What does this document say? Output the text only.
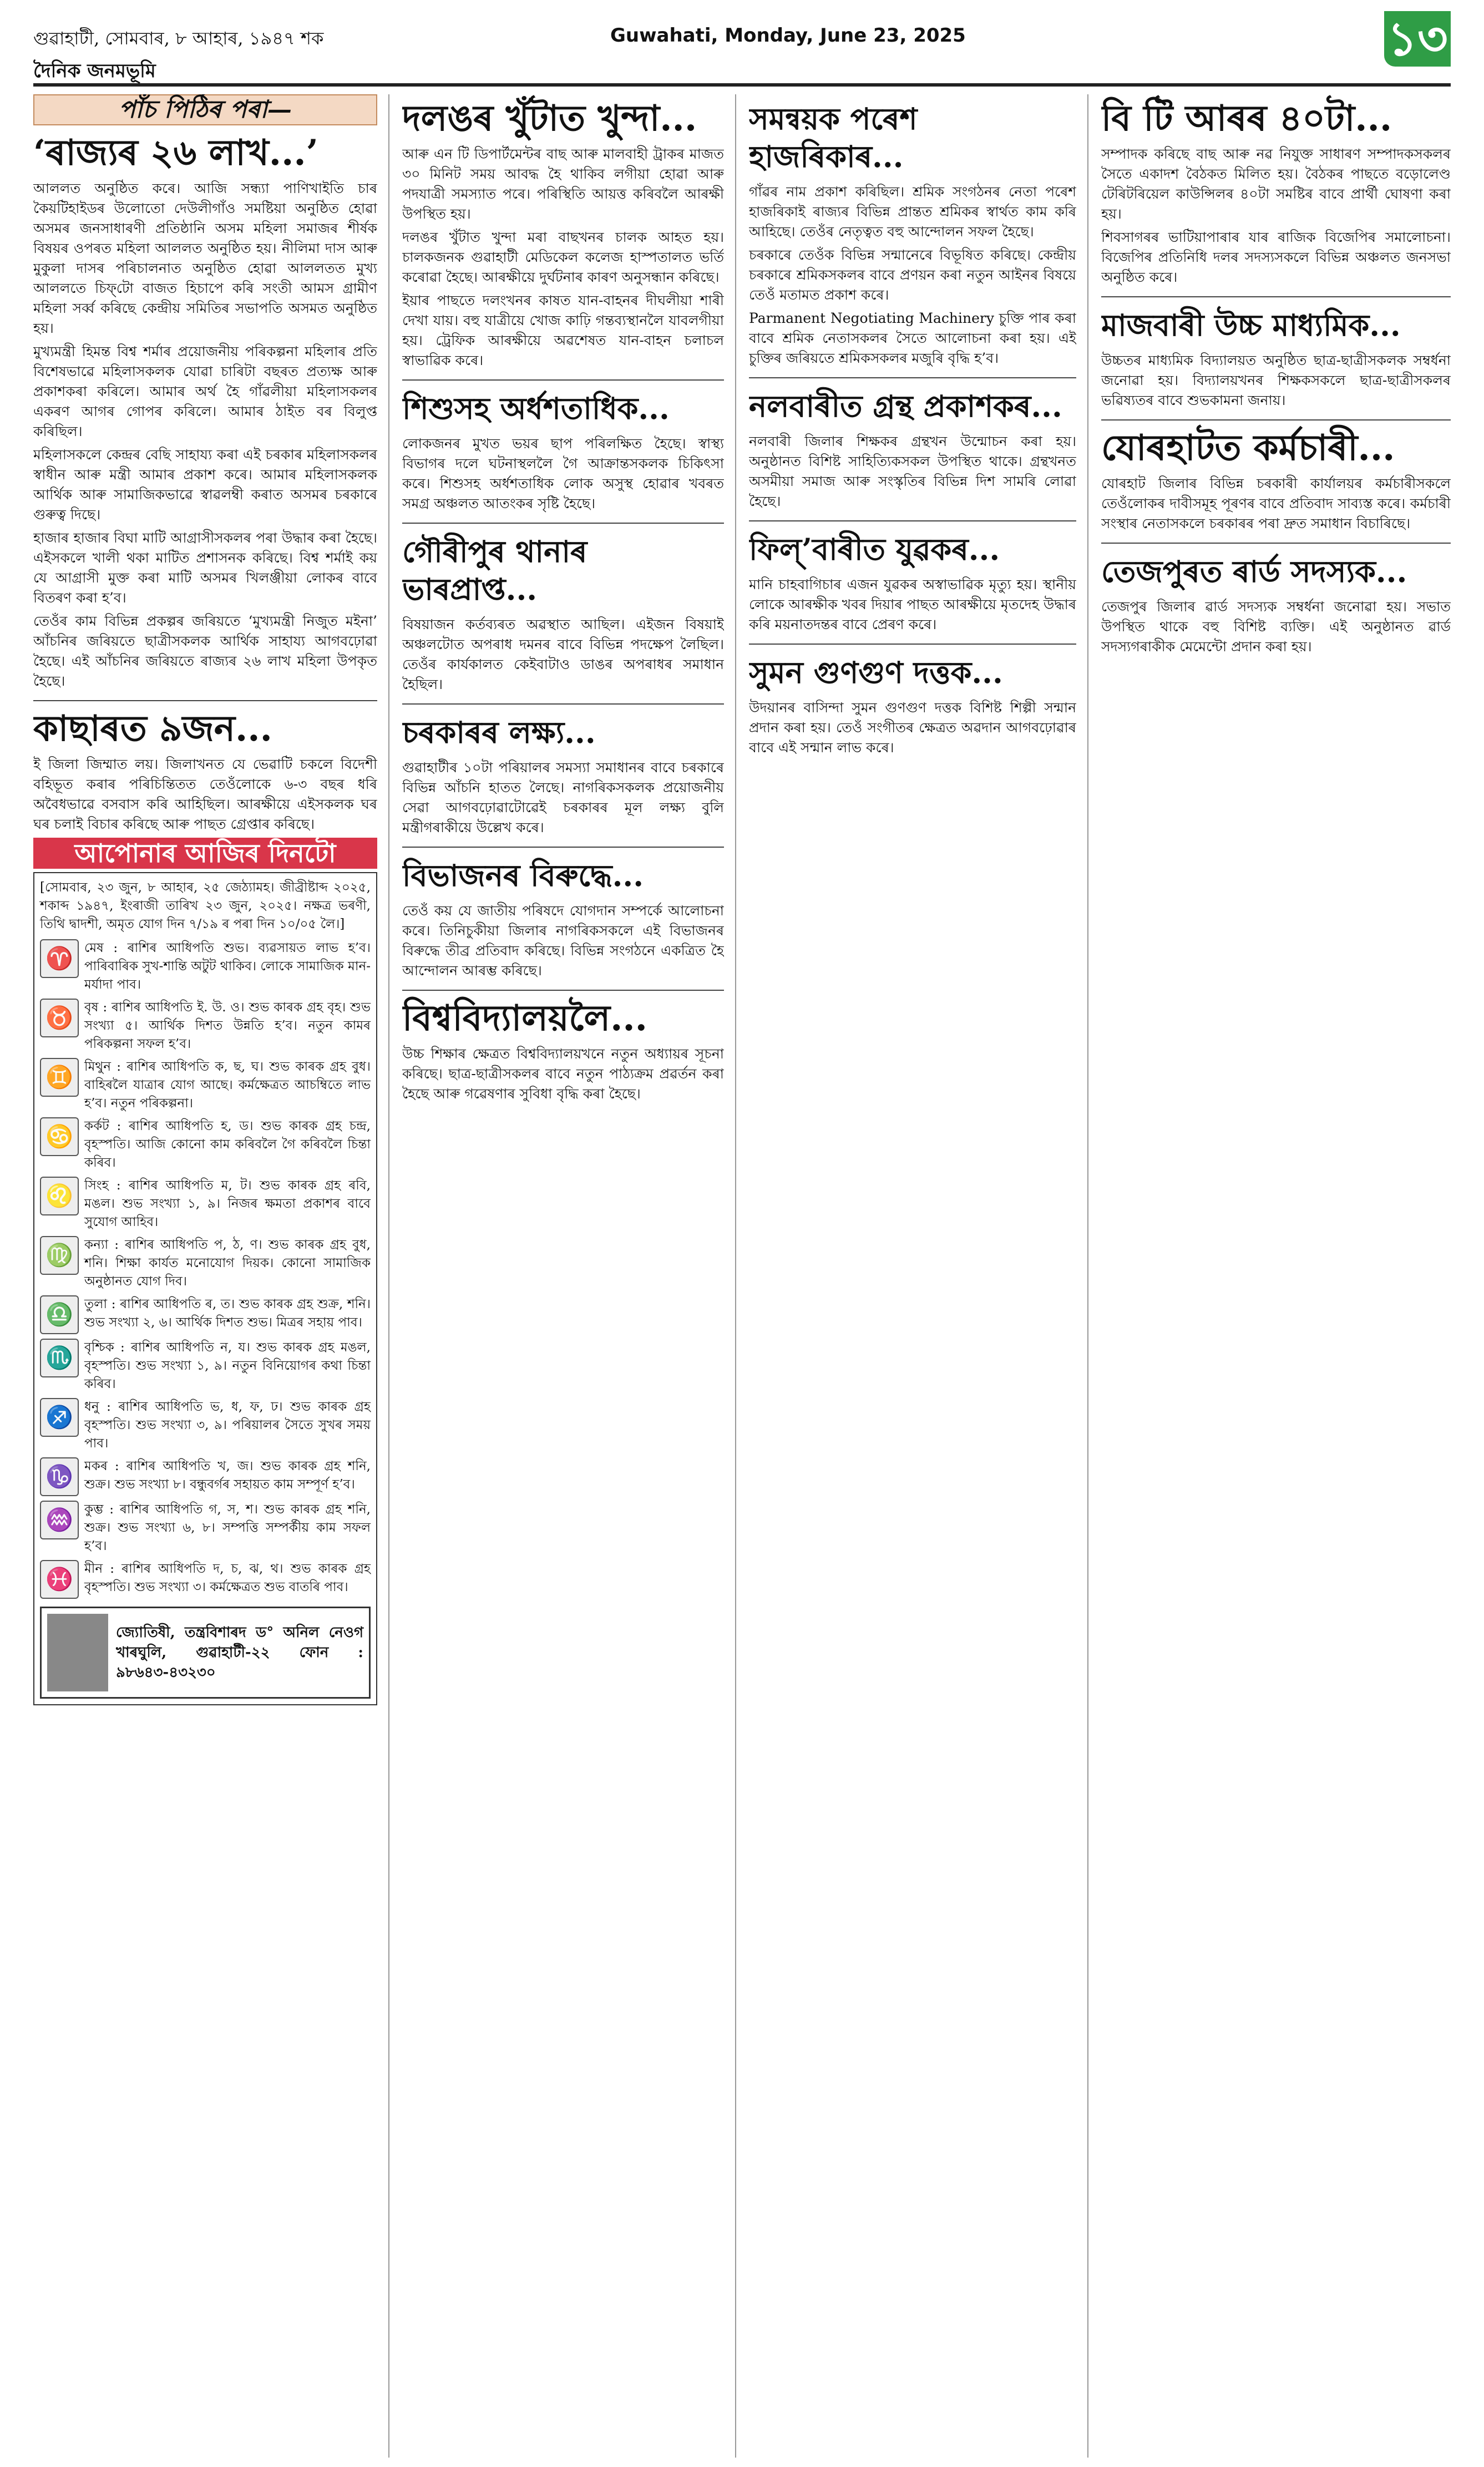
গুৱাহাটী, সোমবাৰ, ৮ আহাৰ, ১৯৪৭ শক	Guwahati, Monday, June 23, 2025	১৩
দৈনিক জনমভূমি
পাঁচ পিঠিৰ পৰা—
‘ৰাজ্যৰ ২৬ লাখ...’

আললত অনুষ্ঠিত কৰে। আজি সন্ধ্যা পাণিখাইতি চাৰ কৈয়টিহাইডৰ উলোতো দেউলীগাঁও সমষ্টিয়া অনুষ্ঠিত হোৱা অসমৰ জনসাধাৰণী প্ৰতিষ্ঠানি অসম মহিলা সমাজৰ শীৰ্ষক বিষয়ৰ ওপৰত মহিলা আললত অনুষ্ঠিত হয়। নীলিমা দাস আৰু মুকুলা দাসৰ পৰিচালনাত অনুষ্ঠিত হোৱা আললতত মুখ্য আললতে চিফ্‌টো বাজত হিচাপে কৰি সংতী আমস গ্ৰামীণ মহিলা সৰ্ব্ব কৰিছে কেন্দ্ৰীয় সমিতিৰ সভাপতি অসমত অনুষ্ঠিত হয়।

মুখ্যমন্ত্ৰী হিমন্ত বিশ্ব শৰ্মাৰ প্ৰয়োজনীয় পৰিকল্পনা মহিলাৰ প্ৰতি বিশেষভাৱে মহিলাসকলক যোৱা চাৰিটা বছৰত প্ৰত্যক্ষ আৰু প্ৰকাশকৰা কৰিলে। আমাৰ অৰ্থ হৈ গাঁৱলীয়া মহিলাসকলৰ একৰণ আগৰ গোপৰ কৰিলে। আমাৰ ঠাইত বৰ বিলুপ্ত কৰিছিল।

মহিলাসকলে কেন্দ্ৰৰ বেছি সাহায্য কৰা এই চৰকাৰ মহিলাসকলৰ স্বাধীন আৰু মন্ত্ৰী আমাৰ প্ৰকাশ কৰে। আমাৰ মহিলাসকলক আৰ্থিক আৰু সামাজিকভাৱে স্বাৱলম্বী কৰাত অসমৰ চৰকাৰে গুৰুত্ব দিছে।

হাজাৰ হাজাৰ বিঘা মাটি আগ্ৰাসীসকলৰ পৰা উদ্ধাৰ কৰা হৈছে। এইসকলে খালী থকা মাটিত প্ৰশাসনক কৰিছে। বিশ্ব শৰ্মাই কয় যে আগ্ৰাসী মুক্ত কৰা মাটি অসমৰ খিলঞ্জীয়া লোকৰ বাবে বিতৰণ কৰা হ’ব।

তেওঁৰ কাম বিভিন্ন প্ৰকল্পৰ জৰিয়তে ‘মুখ্যমন্ত্ৰী নিজুত মইনা’ আঁচনিৰ জৰিয়তে ছাত্ৰীসকলক আৰ্থিক সাহায্য আগবঢ়োৱা হৈছে। এই আঁচনিৰ জৰিয়তে ৰাজ্যৰ ২৬ লাখ মহিলা উপকৃত হৈছে।

কাছাৰত ৯জন...

ই জিলা জিম্মাত লয়। জিলাখনত যে ভেৱাটি চকলে বিদেশী বহিভূত কৰাৰ পৰিচিন্তিতত তেওঁলোকে ৬-৩ বছৰ ধৰি অবৈধভাৱে বসবাস কৰি আহিছিল। আৰক্ষীয়ে এইসকলক ঘৰ ঘৰ চলাই বিচাৰ কৰিছে আৰু পাছত গ্ৰেপ্তাৰ কৰিছে।

আপোনাৰ আজিৰ দিনটো

[সোমবাৰ, ২৩ জুন, ৮ আহাৰ, ২৫ জেঠ্যামহ। জীব্ৰীষ্টাব্দ ২০২৫, শকাব্দ ১৯৪৭, ইংৰাজী তাৰিখ ২৩ জুন, ২০২৫। নক্ষত্ৰ ভৰণী, তিথি দ্বাদশী, অমৃত যোগ দিন ৭/১৯ ৰ পৰা দিন ১০/০৫ লৈ।]

♈ মেষ : ৰাশিৰ আধিপতি শুভ। ব্যৱসায়ত লাভ হ’ব। পাৰিবাৰিক সুখ-শান্তি অটুট থাকিব। লোকে সামাজিক মান-মৰ্যাদা পাব।
♉ বৃষ : ৰাশিৰ আধিপতি ই. উ. ও। শুভ কাৰক গ্ৰহ বৃহ। শুভ সংখ্যা ৫। আৰ্থিক দিশত উন্নতি হ’ব। নতুন কামৰ পৰিকল্পনা সফল হ’ব।
♊ মিথুন : ৰাশিৰ আধিপতি ক, ছ, ঘ। শুভ কাৰক গ্ৰহ বুধ। বাহিৰলৈ যাত্ৰাৰ যোগ আছে। কৰ্মক্ষেত্ৰত আচম্বিতে লাভ হ’ব। নতুন পৰিকল্পনা।
♋ কৰ্কট : ৰাশিৰ আধিপতি হ, ড। শুভ কাৰক গ্ৰহ চন্দ্ৰ, বৃহস্পতি। আজি কোনো কাম কৰিবলৈ গৈ কৰিবলৈ চিন্তা কৰিব।
♌ সিংহ : ৰাশিৰ আধিপতি ম, ট। শুভ কাৰক গ্ৰহ ৰবি, মঙল। শুভ সংখ্যা ১, ৯। নিজৰ ক্ষমতা প্ৰকাশৰ বাবে সুযোগ আহিব।
♍ কন্যা : ৰাশিৰ আধিপতি প, ঠ, ণ। শুভ কাৰক গ্ৰহ বুধ, শনি। শিক্ষা কাৰ্যত মনোযোগ দিয়ক। কোনো সামাজিক অনুষ্ঠানত যোগ দিব।
♎ তুলা : ৰাশিৰ আধিপতি ৰ, ত। শুভ কাৰক গ্ৰহ শুক্ৰ, শনি। শুভ সংখ্যা ২, ৬। আৰ্থিক দিশত শুভ। মিত্ৰৰ সহায় পাব।
♏ বৃশ্চিক : ৰাশিৰ আধিপতি ন, য। শুভ কাৰক গ্ৰহ মঙল, বৃহস্পতি। শুভ সংখ্যা ১, ৯। নতুন বিনিয়োগৰ কথা চিন্তা কৰিব।
♐ ধনু : ৰাশিৰ আধিপতি ভ, ধ, ফ, ঢ। শুভ কাৰক গ্ৰহ বৃহস্পতি। শুভ সংখ্যা ৩, ৯। পৰিয়ালৰ সৈতে সুখৰ সময় পাব।
♑ মকৰ : ৰাশিৰ আধিপতি খ, জ। শুভ কাৰক গ্ৰহ শনি, শুক্ৰ। শুভ সংখ্যা ৮। বন্ধুবৰ্গৰ সহায়ত কাম সম্পূৰ্ণ হ’ব।
♒ কুম্ভ : ৰাশিৰ আধিপতি গ, স, শ। শুভ কাৰক গ্ৰহ শনি, শুক্ৰ। শুভ সংখ্যা ৬, ৮। সম্পত্তি সম্পৰ্কীয় কাম সফল হ’ব।
♓ মীন : ৰাশিৰ আধিপতি দ, চ, ঝ, থ। শুভ কাৰক গ্ৰহ বৃহস্পতি। শুভ সংখ্যা ৩। কৰ্মক্ষেত্ৰত শুভ বাতৰি পাব।
জ্যোতিষী, তন্ত্ৰবিশাৰদ ড° অনিল নেওগ খাৰঘুলি, গুৱাহাটী-২২ ফোন : ৯৮৬৪৩-৪৩২৩০
দলঙৰ খুঁটাত খুন্দা...

আৰু এন টি ডিপাৰ্টমেন্টৰ বাছ আৰু মালবাহী ট্ৰাকৰ মাজত ৩০ মিনিট সময় আবদ্ধ হৈ থাকিব লগীয়া হোৱা আৰু পদযাত্ৰী সমস্যাত পৰে। পৰিস্থিতি আয়ত্ত কৰিবলৈ আৰক্ষী উপস্থিত হয়।

দলঙৰ খুঁটাত খুন্দা মৰা বাছখনৰ চালক আহত হয়। চালকজনক গুৱাহাটী মেডিকেল কলেজ হাস্পতালত ভৰ্তি কৰোৱা হৈছে। আৰক্ষীয়ে দুৰ্ঘটনাৰ কাৰণ অনুসন্ধান কৰিছে।

ইয়াৰ পাছতে দলংখনৰ কাষত যান-বাহনৰ দীঘলীয়া শাৰী দেখা যায়। বহু যাত্ৰীয়ে খোজ কাঢ়ি গন্তব্যস্থানলৈ যাবলগীয়া হয়। ট্ৰেফিক আৰক্ষীয়ে অৱশেষত যান-বাহন চলাচল স্বাভাৱিক কৰে।

শিশুসহ অৰ্ধশতাধিক...

লোকজনৰ মুখত ভয়ৰ ছাপ পৰিলক্ষিত হৈছে। স্বাস্থ্য বিভাগৰ দলে ঘটনাস্থললৈ গৈ আক্ৰান্তসকলক চিকিৎসা কৰে। শিশুসহ অৰ্ধশতাধিক লোক অসুস্থ হোৱাৰ খবৰত সমগ্ৰ অঞ্চলত আতংকৰ সৃষ্টি হৈছে।

গৌৰীপুৰ থানাৰ ভাৰপ্ৰাপ্ত...

বিষয়াজন কৰ্তব্যৰত অৱস্থাত আছিল। এইজন বিষয়াই অঞ্চলটোত অপৰাধ দমনৰ বাবে বিভিন্ন পদক্ষেপ লৈছিল। তেওঁৰ কাৰ্যকালত কেইবাটাও ডাঙৰ অপৰাধৰ সমাধান হৈছিল।

চৰকাৰৰ লক্ষ্য...

গুৱাহাটীৰ ১০টা পৰিয়ালৰ সমস্যা সমাধানৰ বাবে চৰকাৰে বিভিন্ন আঁচনি হাতত লৈছে। নাগৰিকসকলক প্ৰয়োজনীয় সেৱা আগবঢ়োৱাটোৱেই চৰকাৰৰ মূল লক্ষ্য বুলি মন্ত্ৰীগৰাকীয়ে উল্লেখ কৰে।

বিভাজনৰ বিৰুদ্ধে...

তেওঁ কয় যে জাতীয় পৰিষদে যোগদান সম্পৰ্কে আলোচনা কৰে। তিনিচুকীয়া জিলাৰ নাগৰিকসকলে এই বিভাজনৰ বিৰুদ্ধে তীব্ৰ প্ৰতিবাদ কৰিছে। বিভিন্ন সংগঠনে একত্ৰিত হৈ আন্দোলন আৰম্ভ কৰিছে।

বিশ্ববিদ্যালয়লৈ...

উচ্চ শিক্ষাৰ ক্ষেত্ৰত বিশ্ববিদ্যালয়খনে নতুন অধ্যায়ৰ সূচনা কৰিছে। ছাত্ৰ-ছাত্ৰীসকলৰ বাবে নতুন পাঠ্যক্ৰম প্ৰৱৰ্তন কৰা হৈছে আৰু গৱেষণাৰ সুবিধা বৃদ্ধি কৰা হৈছে।

সমন্বয়ক পৰেশ হাজৰিকাৰ...

গাঁৱৰ নাম প্ৰকাশ কৰিছিল। শ্ৰমিক সংগঠনৰ নেতা পৰেশ হাজৰিকাই ৰাজ্যৰ বিভিন্ন প্ৰান্তত শ্ৰমিকৰ স্বাৰ্থত কাম কৰি আহিছে। তেওঁৰ নেতৃত্বত বহু আন্দোলন সফল হৈছে।

চৰকাৰে তেওঁক বিভিন্ন সন্মানেৰে বিভূষিত কৰিছে। কেন্দ্ৰীয় চৰকাৰে শ্ৰমিকসকলৰ বাবে প্ৰণয়ন কৰা নতুন আইনৰ বিষয়ে তেওঁ মতামত প্ৰকাশ কৰে।

Parmanent Negotiating Machinery চুক্তি পাৰ কৰা বাবে শ্ৰমিক নেতাসকলৰ সৈতে আলোচনা কৰা হয়। এই চুক্তিৰ জৰিয়তে শ্ৰমিকসকলৰ মজুৰি বৃদ্ধি হ’ব।

নলবাৰীত গ্ৰন্থ প্ৰকাশকৰ...

নলবাৰী জিলাৰ শিক্ষকৰ গ্ৰন্থখন উন্মোচন কৰা হয়। অনুষ্ঠানত বিশিষ্ট সাহিত্যিকসকল উপস্থিত থাকে। গ্ৰন্থখনত অসমীয়া সমাজ আৰু সংস্কৃতিৰ বিভিন্ন দিশ সামৰি লোৱা হৈছে।

ফিল্‌’বাৰীত যুৱকৰ...

মানি চাহবাগিচাৰ এজন যুৱকৰ অস্বাভাৱিক মৃত্যু হয়। স্থানীয় লোকে আৰক্ষীক খবৰ দিয়াৰ পাছত আৰক্ষীয়ে মৃতদেহ উদ্ধাৰ কৰি ময়নাতদন্তৰ বাবে প্ৰেৰণ কৰে।

সুমন গুণগুণ দত্তক...

উদয়ানৰ বাসিন্দা সুমন গুণগুণ দত্তক বিশিষ্ট শিল্পী সন্মান প্ৰদান কৰা হয়। তেওঁ সংগীতৰ ক্ষেত্ৰত অৱদান আগবঢ়োৱাৰ বাবে এই সন্মান লাভ কৰে।

বি টি আৰৰ ৪০টা...

সম্পাদক কৰিছে বাছ আৰু নৱ নিযুক্ত সাধাৰণ সম্পাদকসকলৰ সৈতে একাদশ বৈঠকত মিলিত হয়। বৈঠকৰ পাছতে বড়োলেণ্ড টেৰিটৰিয়েল কাউন্সিলৰ ৪০টা সমষ্টিৰ বাবে প্ৰাৰ্থী ঘোষণা কৰা হয়।

শিবসাগৰৰ ভাটিয়াপাৰাৰ যাৰ ৰাজিক বিজেপিৰ সমালোচনা। বিজেপিৰ প্ৰতিনিধি দলৰ সদস্যসকলে বিভিন্ন অঞ্চলত জনসভা অনুষ্ঠিত কৰে।

মাজবাৰী উচ্চ মাধ্যমিক...

উচ্চতৰ মাধ্যমিক বিদ্যালয়ত অনুষ্ঠিত ছাত্ৰ-ছাত্ৰীসকলক সম্বৰ্ধনা জনোৱা হয়। বিদ্যালয়খনৰ শিক্ষকসকলে ছাত্ৰ-ছাত্ৰীসকলৰ ভৱিষ্যতৰ বাবে শুভকামনা জনায়।

যোৰহাটত কৰ্মচাৰী...

যোৰহাট জিলাৰ বিভিন্ন চৰকাৰী কাৰ্যালয়ৰ কৰ্মচাৰীসকলে তেওঁলোকৰ দাবীসমূহ পূৰণৰ বাবে প্ৰতিবাদ সাব্যস্ত কৰে। কৰ্মচাৰী সংস্থাৰ নেতাসকলে চৰকাৰৰ পৰা দ্ৰুত সমাধান বিচাৰিছে।

তেজপুৰত ৰাৰ্ড সদস্যক...

তেজপুৰ জিলাৰ ৱাৰ্ড সদস্যক সম্বৰ্ধনা জনোৱা হয়। সভাত উপস্থিত থাকে বহু বিশিষ্ট ব্যক্তি। এই অনুষ্ঠানত ৱাৰ্ড সদস্যগৰাকীক মেমেন্টো প্ৰদান কৰা হয়।
